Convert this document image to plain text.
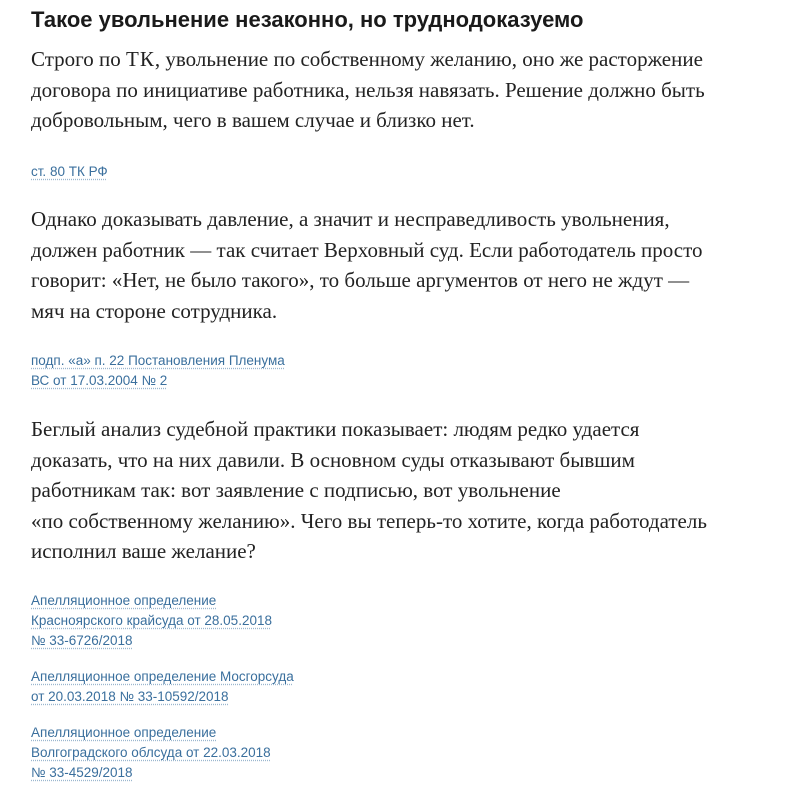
Такое увольнение незаконно, но труднодоказуемо

Строго по ТК, увольнение по собственному желанию, оно же расторжение
договора по инициативе работника, нельзя навязать. Решение должно быть
добровольным, чего в вашем случае и близко нет.

ст. 80 ТК РФ

Однако доказывать давление, а значит и несправедливость увольнения,
должен работник — так считает Верховный суд. Если работодатель просто
говорит: «Нет, не было такого», то больше аргументов от него не ждут —
мяч на стороне сотрудника.

подп. «а» п. 22 Постановления Пленума
ВС от 17.03.2004 № 2

Беглый анализ судебной практики показывает: людям редко удается
доказать, что на них давили. В основном суды отказывают бывшим
работникам так: вот заявление с подписью, вот увольнение
«по собственному желанию». Чего вы теперь-то хотите, когда работодатель
исполнил ваше желание?

Апелляционное определение
Красноярского крайсуда от 28.05.2018
№ 33-6726/2018
Апелляционное определение Мосгорсуда
от 20.03.2018 № 33-10592/2018
Апелляционное определение
Волгоградского облсуда от 22.03.2018
№ 33-4529/2018
